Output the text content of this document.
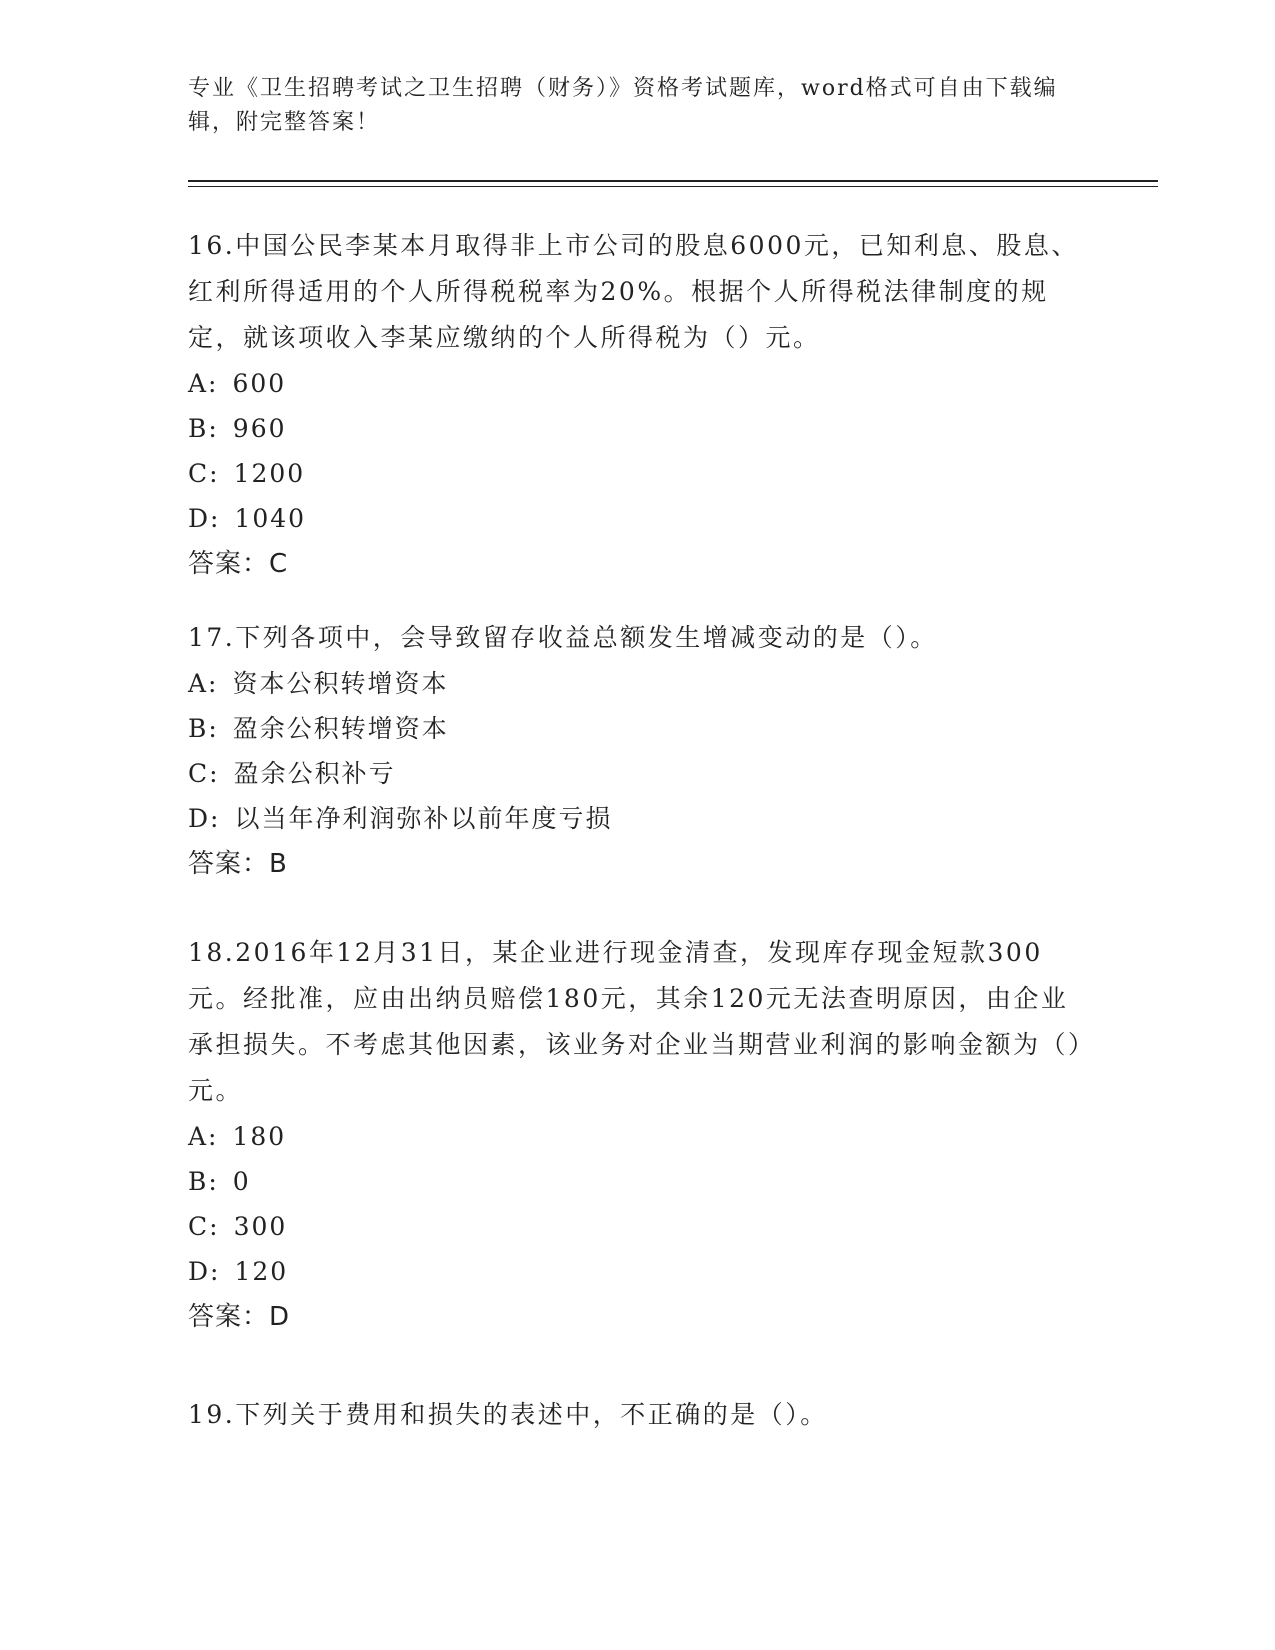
专业《卫生招聘考试之卫生招聘（财务）》资格考试题库，word格式可自由下载编辑，附完整答案！
16.中国公民李某本月取得非上市公司的股息6000元，已知利息、股息、红利所得适用的个人所得税税率为20%。根据个人所得税法律制度的规定，就该项收入李某应缴纳的个人所得税为（）元。
A: 600
B: 960
C: 1200
D: 1040
答案：C
17.下列各项中，会导致留存收益总额发生增减变动的是（）。
A: 资本公积转增资本
B: 盈余公积转增资本
C: 盈余公积补亏
D: 以当年净利润弥补以前年度亏损
答案：B
18.2016年12月31日，某企业进行现金清查，发现库存现金短款300元。经批准，应由出纳员赔偿180元，其余120元无法查明原因，由企业承担损失。不考虑其他因素，该业务对企业当期营业利润的影响金额为（）元。
A: 180
B: 0
C: 300
D: 120
答案：D
19.下列关于费用和损失的表述中，不正确的是（）。
